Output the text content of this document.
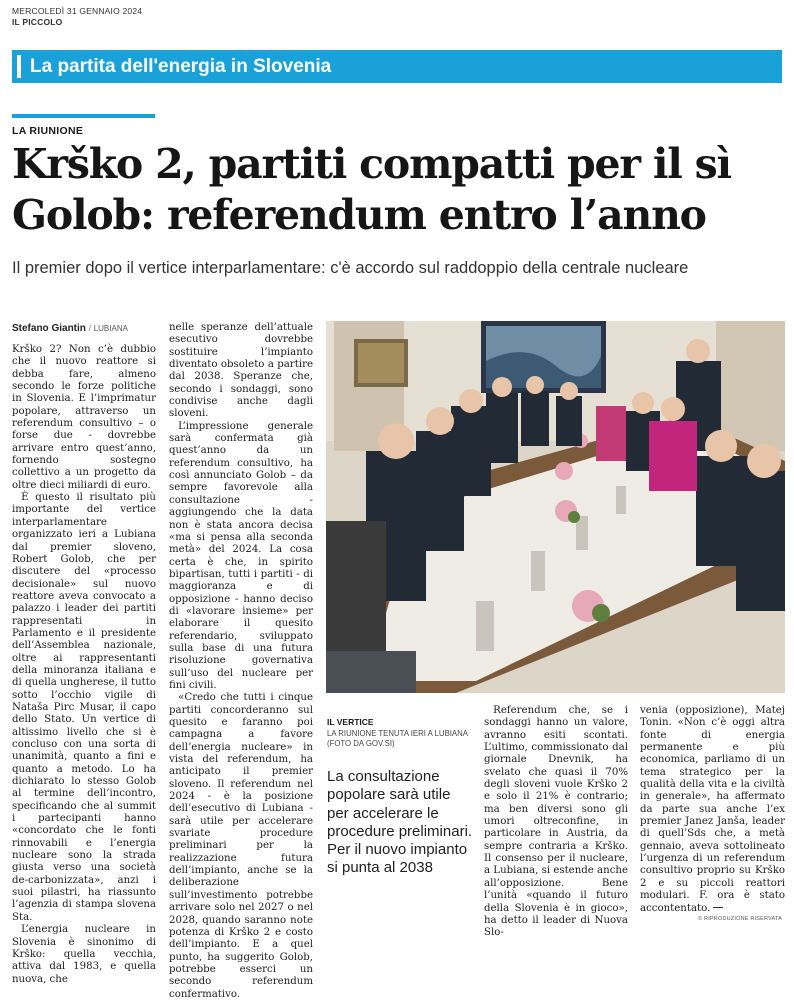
MERCOLEDÌ 31 GENNAIO 2024
IL PICCOLO
La partita dell'energia in Slovenia
LA RIUNIONE
Krško 2, partiti compatti per il sì
Golob: referendum entro l’anno
Il premier dopo il vertice interparlamentare: c'è accordo sul raddoppio della centrale nucleare
Stefano Giantin / LUBIANA

Krško 2? Non c’è dubbio che il nuovo reattore si debba fare, almeno secondo le forze politiche in Slovenia. E l’imprimatur popolare, attraverso un referendum consultivo – o forse due - dovrebbe arrivare entro quest’anno, fornendo sostegno collettivo a un progetto da oltre dieci miliardi di euro.

È questo il risultato più importante del vertice interparlamentare organizzato ieri a Lubiana dal premier sloveno, Robert Golob, che per discutere del «processo decisionale» sul nuovo reattore aveva convocato a palazzo i leader dei partiti rappresentati in Parlamento e il presidente dell’Assemblea nazionale, oltre ai rappresentanti della minoranza italiana e di quella ungherese, il tutto sotto l’occhio vigile di Nataša Pirc Musar, il capo dello Stato. Un vertice di altissimo livello che si è concluso con una sorta di unanimità, quanto a fini e quanto a metodo. Lo ha dichiarato lo stesso Golob al termine dell’incontro, specificando che al summit i partecipanti hanno «concordato che le fonti rinnovabili e l’energia nucleare sono la strada giusta verso una società de-carbonizzata», anzi i suoi pilastri, ha riassunto l’agenzia di stampa slovena Sta.

L’energia nucleare in Slovenia è sinonimo di Krško: quella vecchia, attiva dal 1983, e quella nuova, che

nelle speranze dell’attuale esecutivo dovrebbe sostituire l’impianto diventato obsoleto a partire dal 2038. Speranze che, secondo i sondaggi, sono condivise anche dagli sloveni.

L’impressione generale sarà confermata già quest’anno da un referendum consultivo, ha così annunciato Golob – da sempre favorevole alla consultazione - aggiungendo che la data non è stata ancora decisa «ma si pensa alla seconda metà» del 2024. La cosa certa è che, in spirito bipartisan, tutti i partiti - di maggioranza e di opposizione - hanno deciso di «lavorare insieme» per elaborare il quesito referendario, sviluppato sulla base di una futura risoluzione governativa sull’uso del nucleare per fini civili.

«Credo che tutti i cinque partiti concorderanno sul quesito e faranno poi campagna a favore dell’energia nucleare» in vista del referendum, ha anticipato il premier sloveno. Il referendum nel 2024 - è la posizione dell’esecutivo di Lubiana - sarà utile per accelerare svariate procedure preliminari per la realizzazione futura dell’impianto, anche se la deliberazione sull’investimento potrebbe arrivare solo nel 2027 o nel 2028, quando saranno note potenza di Krško 2 e costo dell’impianto. E a quel punto, ha suggerito Golob, potrebbe esserci un secondo referendum confermativo.

IL VERTICE
LA RIUNIONE TENUTA IERI A LUBIANA (FOTO DA GOV.SI)
La consultazione popolare sarà utile per accelerare le procedure preliminari. Per il nuovo impianto si punta al 2038

Referendum che, se i sondaggi hanno un valore, avranno esiti scontati. L’ultimo, commissionato dal giornale Dnevnik, ha svelato che quasi il 70% degli sloveni vuole Krško 2 e solo il 21% è contrario; ma ben diversi sono gli umori oltreconfine, in particolare in Austria, da sempre contraria a Krško. Il consenso per il nucleare, a Lubiana, si estende anche all’opposizione. Bene l’unità «quando il futuro della Slovenia è in gioco», ha detto il leader di Nuova Slo-

venia (opposizione), Matej Tonin. «Non c’è oggi altra fonte di energia permanente e più economica, parliamo di un tema strategico per la qualità della vita e la civiltà in generale», ha affermato da parte sua anche l’ex premier Janez Janša, leader di quell’Sds che, a metà gennaio, aveva sottolineato l’urgenza di un referendum consultivo proprio su Krško 2 e su piccoli reattori modulari. F. ora è stato accontentato.

© RIPRODUZIONE RISERVATA
